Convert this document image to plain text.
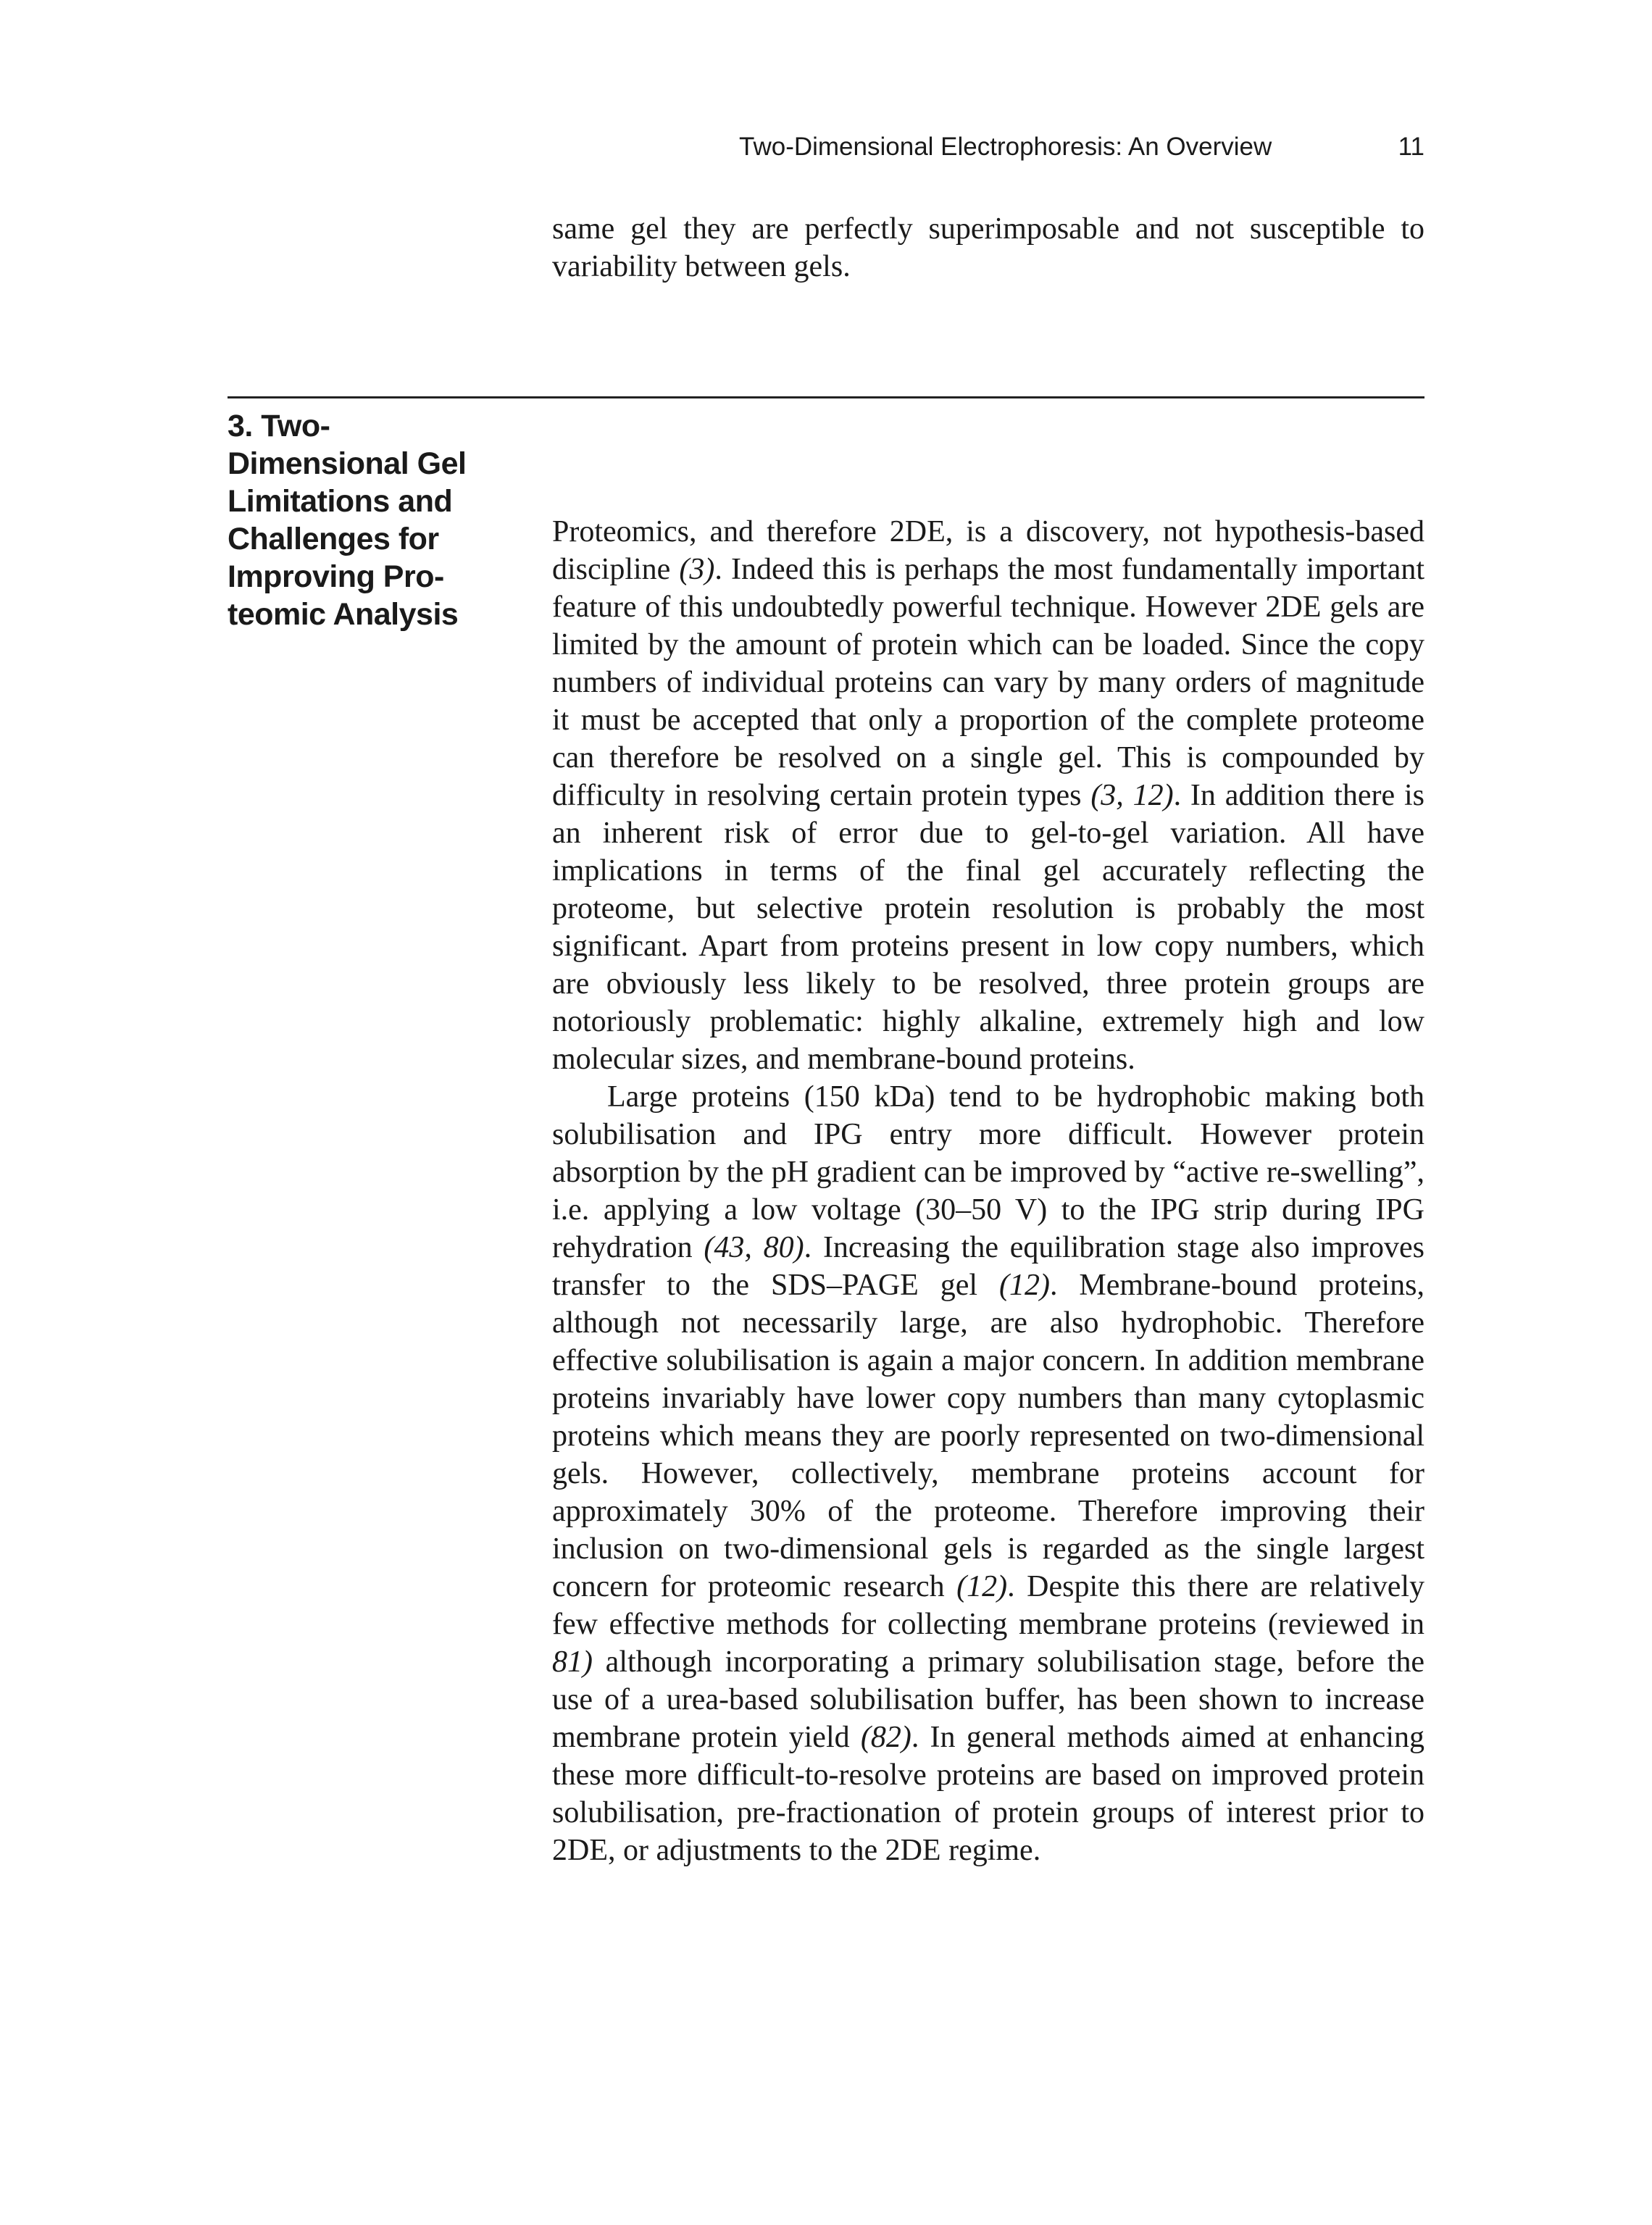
Two-Dimensional Electrophoresis: An Overview	11

same gel they are perfectly superimposable and not susceptible to variability between gels.

3. Two-
Dimensional Gel
Limitations and
Challenges for
Improving Pro-
teomic Analysis

Proteomics, and therefore 2DE, is a discovery, not hypothesis-based discipline (3). Indeed this is perhaps the most fundamentally important feature of this undoubtedly powerful technique. However 2DE gels are limited by the amount of protein which can be loaded. Since the copy numbers of individual proteins can vary by many orders of magnitude it must be accepted that only a proportion of the complete proteome can therefore be resolved on a single gel. This is compounded by difficulty in resolving certain protein types (3, 12). In addition there is an inherent risk of error due to gel-to-gel variation. All have implications in terms of the final gel accurately reflecting the proteome, but selective protein resolution is probably the most significant. Apart from proteins present in low copy numbers, which are obviously less likely to be resolved, three protein groups are notoriously problematic: highly alkaline, extremely high and low molecular sizes, and membrane-bound proteins.

Large proteins (150 kDa) tend to be hydrophobic making both solubilisation and IPG entry more difficult. However protein absorption by the pH gradient can be improved by “active re-swelling”, i.e. applying a low voltage (30–50 V) to the IPG strip during IPG rehydration (43, 80). Increasing the equilibration stage also improves transfer to the SDS–PAGE gel (12). Membrane-bound proteins, although not necessarily large, are also hydrophobic. Therefore effective solubilisation is again a major concern. In addition membrane proteins invariably have lower copy numbers than many cytoplasmic proteins which means they are poorly represented on two-dimensional gels. However, collectively, membrane proteins account for approximately 30% of the proteome. Therefore improving their inclusion on two-dimensional gels is regarded as the single largest concern for proteomic research (12). Despite this there are relatively few effective methods for collecting membrane proteins (reviewed in 81) although incorporating a primary solubilisation stage, before the use of a urea-based solubilisation buffer, has been shown to increase membrane protein yield (82). In general methods aimed at enhancing these more difficult-to-resolve proteins are based on improved protein solubilisation, pre-fractionation of protein groups of interest prior to 2DE, or adjustments to the 2DE regime.
